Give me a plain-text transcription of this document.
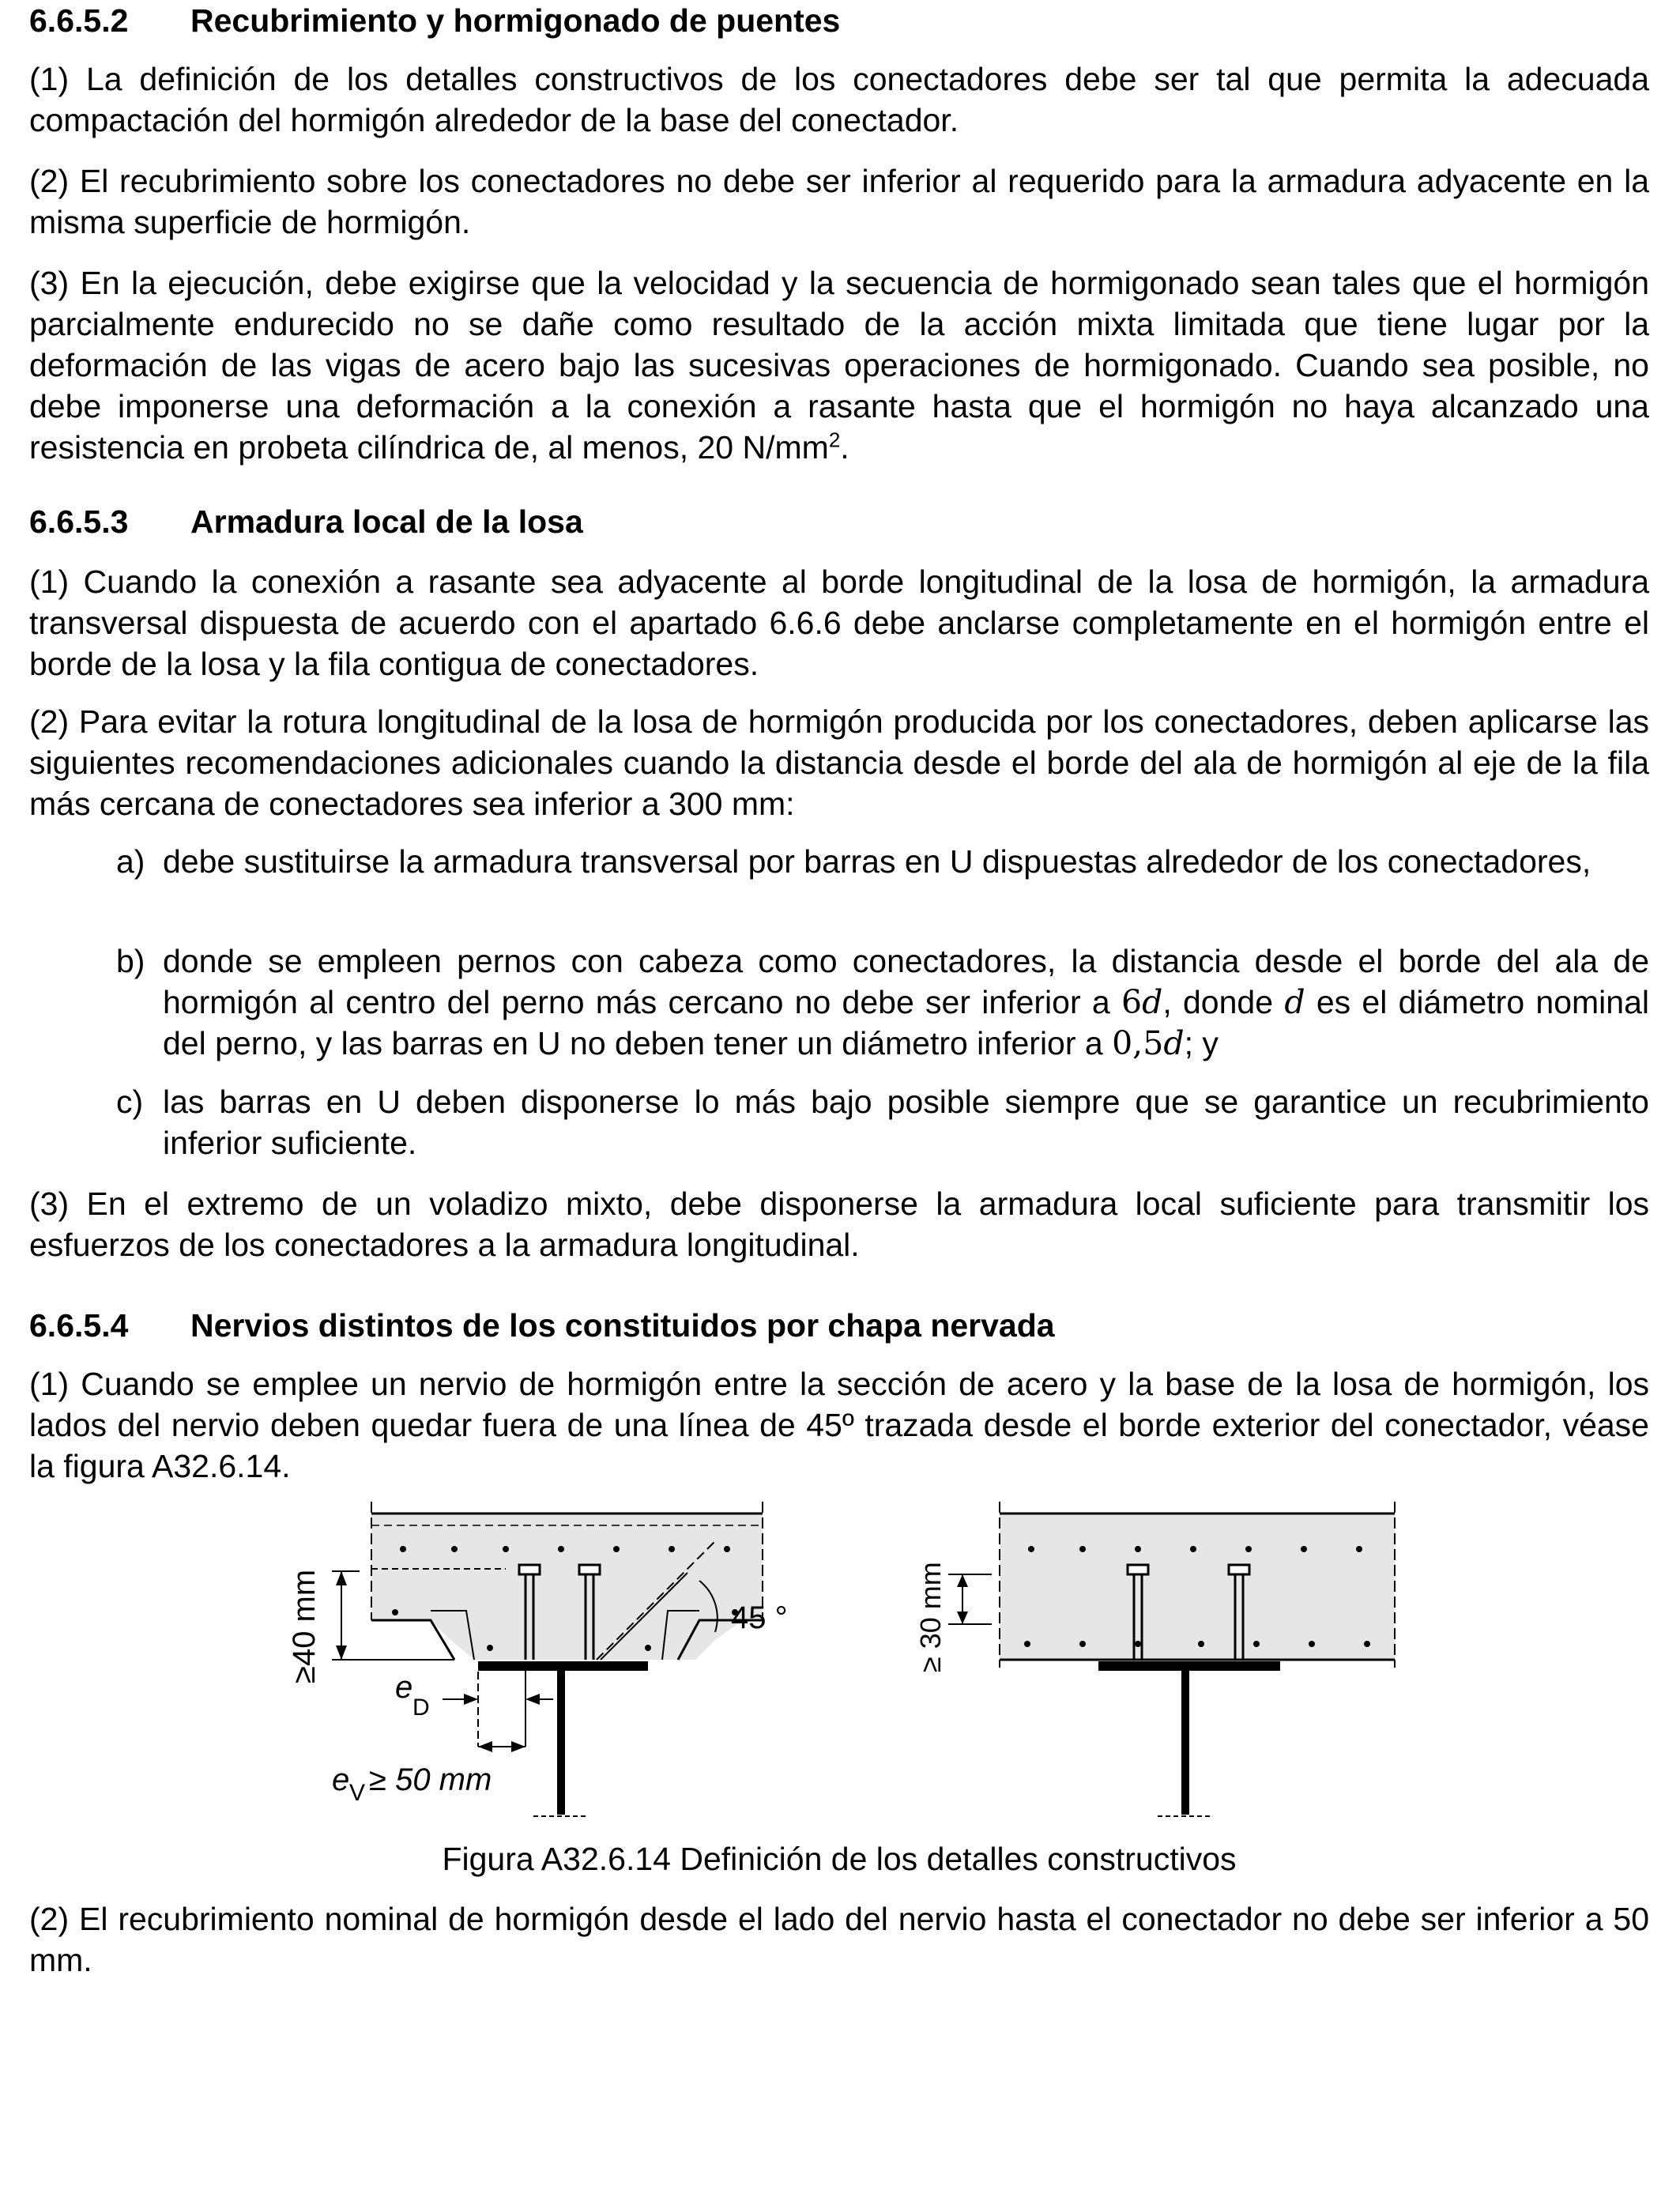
6.6.5.2 Recubrimiento y hormigonado de puentes
(1) La definición de los detalles constructivos de los conectadores debe ser tal que permita la adecuada compactación del hormigón alrededor de la base del conectador.
(2) El recubrimiento sobre los conectadores no debe ser inferior al requerido para la armadura adyacente en la misma superficie de hormigón.
(3) En la ejecución, debe exigirse que la velocidad y la secuencia de hormigonado sean tales que el hormigón parcialmente endurecido no se dañe como resultado de la acción mixta limitada que tiene lugar por la deformación de las vigas de acero bajo las sucesivas operaciones de hormigonado. Cuando sea posible, no debe imponerse una deformación a la conexión a rasante hasta que el hormigón no haya alcanzado una resistencia en probeta cilíndrica de, al menos, 20 $N/mm^2$.
6.6.5.3 Armadura local de la losa
(1) Cuando la conexión a rasante sea adyacente al borde longitudinal de la losa de hormigón, la armadura transversal dispuesta de acuerdo con el apartado 6.6.6 debe anclarse completamente en el hormigón entre el borde de la losa y la fila contigua de conectadores.
(2) Para evitar la rotura longitudinal de la losa de hormigón producida por los conectadores, deben aplicarse las siguientes recomendaciones adicionales cuando la distancia desde el borde del ala de hormigón al eje de la fila más cercana de conectadores sea inferior a 300 mm:
a) debe sustituirse la armadura transversal por barras en U dispuestas alrededor de los conectadores,
b) donde se empleen pernos con cabeza como conectadores, la distancia desde el borde del ala de hormigón al centro del perno más cercano no debe ser inferior a 6d, donde d es el diámetro nominal del perno, y las barras en U no deben tener un diámetro inferior a 0,5d; y
c) las barras en U deben disponerse lo más bajo posible siempre que se garantice un recubrimiento inferior suficiente.
(3) En el extremo de un voladizo mixto, debe disponerse la armadura local suficiente para transmitir los esfuerzos de los conectadores a la armadura longitudinal.
6.6.5.4 Nervios distintos de los constituidos por chapa nervada
(1) Cuando se emplee un nervio de hormigón entre la sección de acero y la base de la losa de hormigón, los lados del nervio deben quedar fuera de una línea de 45º trazada desde el borde exterior del conectador, véase la figura A32.6.14.
≥40 mm	45 °
e
D
e V ≥ 50 mm
≥ 30 mm
Figura A32.6.14 Definición de los detalles constructivos
(2) El recubrimiento nominal de hormigón desde el lado del nervio hasta el conectador no debe ser inferior a 50 mm.
